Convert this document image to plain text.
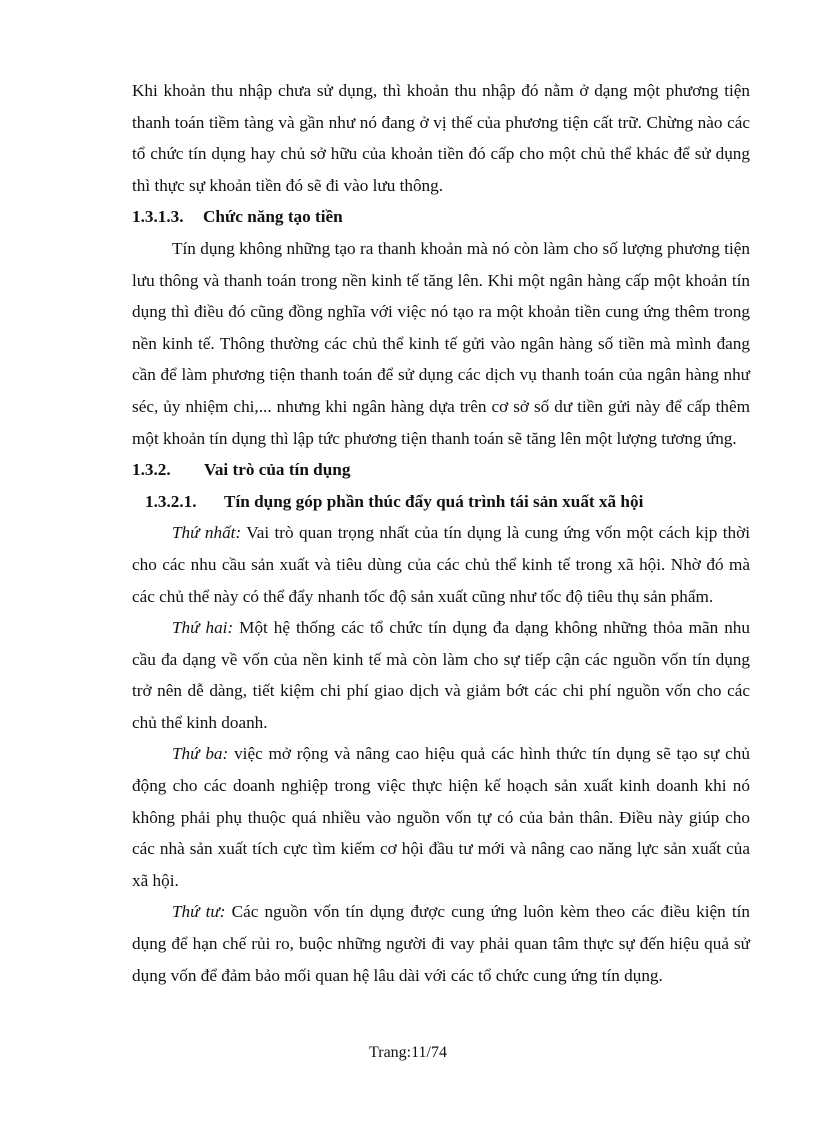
Khi khoản thu nhập chưa sử dụng, thì khoản thu nhập đó nằm ở dạng một phương tiện thanh toán tiềm tàng và gần như nó đang ở vị thế của phương tiện cất trữ. Chừng nào các tổ chức tín dụng hay chủ sở hữu của khoản tiền đó cấp cho một chủ thể khác để sử dụng thì thực sự khoản tiền đó sẽ đi vào lưu thông.

1.3.1.3.	Chức năng tạo tiền

Tín dụng không những tạo ra thanh khoản mà nó còn làm cho số lượng phương tiện lưu thông và thanh toán trong nền kinh tế tăng lên. Khi một ngân hàng cấp một khoản tín dụng thì điều đó cũng đồng nghĩa với việc nó tạo ra một khoản tiền cung ứng thêm trong nền kinh tế. Thông thường các chủ thể kinh tế gửi vào ngân hàng số tiền mà mình đang cần để làm phương tiện thanh toán để sử dụng các dịch vụ thanh toán của ngân hàng như séc, ủy nhiệm chi,... nhưng khi ngân hàng dựa trên cơ sở số dư tiền gửi này để cấp thêm một khoản tín dụng thì lập tức phương tiện thanh toán sẽ tăng lên một lượng tương ứng.

1.3.2.	Vai trò của tín dụng
1.3.2.1.	Tín dụng góp phần thúc đẩy quá trình tái sản xuất xã hội

Thứ nhất: Vai trò quan trọng nhất của tín dụng là cung ứng vốn một cách kịp thời cho các nhu cầu sản xuất và tiêu dùng của các chủ thể kinh tế trong xã hội. Nhờ đó mà các chủ thể này có thể đẩy nhanh tốc độ sản xuất cũng như tốc độ tiêu thụ sản phẩm.

Thứ hai: Một hệ thống các tổ chức tín dụng đa dạng không những thỏa mãn nhu cầu đa dạng về vốn của nền kinh tế mà còn làm cho sự tiếp cận các nguồn vốn tín dụng trở nên dễ dàng, tiết kiệm chi phí giao dịch và giảm bớt các chi phí nguồn vốn cho các chủ thể kinh doanh.

Thứ ba: việc mở rộng và nâng cao hiệu quả các hình thức tín dụng sẽ tạo sự chủ động cho các doanh nghiệp trong việc thực hiện kế hoạch sản xuất kinh doanh khi nó không phải phụ thuộc quá nhiều vào nguồn vốn tự có của bản thân. Điều này giúp cho các nhà sản xuất tích cực tìm kiếm cơ hội đầu tư mới và nâng cao năng lực sản xuất của xã hội.

Thứ tư: Các nguồn vốn tín dụng được cung ứng luôn kèm theo các điều kiện tín dụng để hạn chế rủi ro, buộc những người đi vay phải quan tâm thực sự đến hiệu quả sử dụng vốn để đảm bảo mối quan hệ lâu dài với các tổ chức cung ứng tín dụng.

Trang:11/74
